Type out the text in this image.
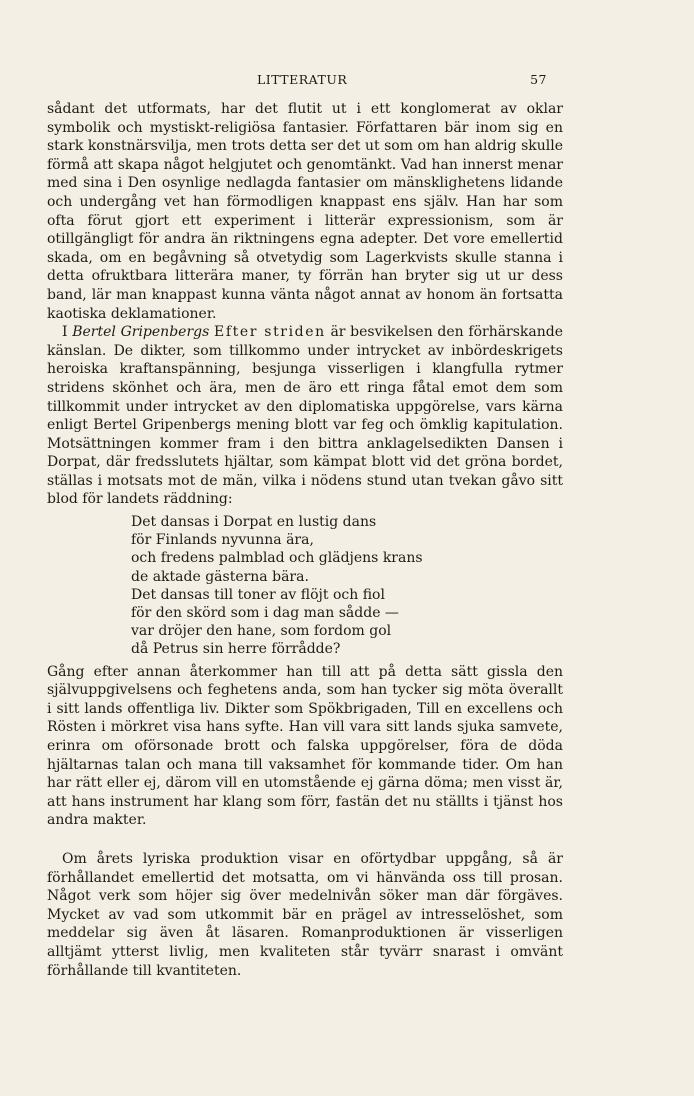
LITTERATUR	57

sådant det utformats, har det flutit ut i ett konglomerat av oklar symbolik och mystiskt-religiösa fantasier. Författaren bär inom sig en stark konstnärsvilja, men trots detta ser det ut som om han aldrig skulle förmå att skapa något helgjutet och genomtänkt. Vad han innerst menar med sina i Den osynlige nedlagda fantasier om mänsklighetens lidande och undergång vet han förmodligen knappast ens själv. Han har som ofta förut gjort ett experiment i litterär expressionism, som är otillgängligt för andra än riktningens egna adepter. Det vore emellertid skada, om en begåvning så otvetydig som Lagerkvists skulle stanna i detta ofruktbara litterära maner, ty förrän han bryter sig ut ur dess band, lär man knappast kunna vänta något annat av honom än fortsatta kaotiska deklamationer.

I Bertel Gripenbergs Efter striden är besvikelsen den förhärskande känslan. De dikter, som tillkommo under intrycket av inbördeskrigets heroiska kraftanspänning, besjunga visserligen i klangfulla rytmer stridens skönhet och ära, men de äro ett ringa fåtal emot dem som tillkommit under intrycket av den diplomatiska uppgörelse, vars kärna enligt Bertel Gripenbergs mening blott var feg och ömklig kapitulation. Motsättningen kommer fram i den bittra anklagelsedikten Dansen i Dorpat, där fredsslutets hjältar, som kämpat blott vid det gröna bordet, ställas i motsats mot de män, vilka i nödens stund utan tvekan gåvo sitt blod för landets räddning:

Det dansas i Dorpat en lustig dans
för Finlands nyvunna ära,
och fredens palmblad och glädjens krans
de aktade gästerna bära.
Det dansas till toner av flöjt och fiol
för den skörd som i dag man sådde —
var dröjer den hane, som fordom gol
då Petrus sin herre förrådde?

Gång efter annan återkommer han till att på detta sätt gissla den självuppgivelsens och feghetens anda, som han tycker sig möta överallt i sitt lands offentliga liv. Dikter som Spökbrigaden, Till en excellens och Rösten i mörkret visa hans syfte. Han vill vara sitt lands sjuka samvete, erinra om oförsonade brott och falska uppgörelser, föra de döda hjältarnas talan och mana till vaksamhet för kommande tider. Om han har rätt eller ej, därom vill en utomstående ej gärna döma; men visst är, att hans instrument har klang som förr, fastän det nu ställts i tjänst hos andra makter.

Om årets lyriska produktion visar en oförtydbar uppgång, så är förhållandet emellertid det motsatta, om vi hänvända oss till prosan. Något verk som höjer sig över medelnivån söker man där förgäves. Mycket av vad som utkommit bär en prägel av intresselöshet, som meddelar sig även åt läsaren. Romanproduktionen är visserligen alltjämt ytterst livlig, men kvaliteten står tyvärr snarast i omvänt förhållande till kvantiteten.
